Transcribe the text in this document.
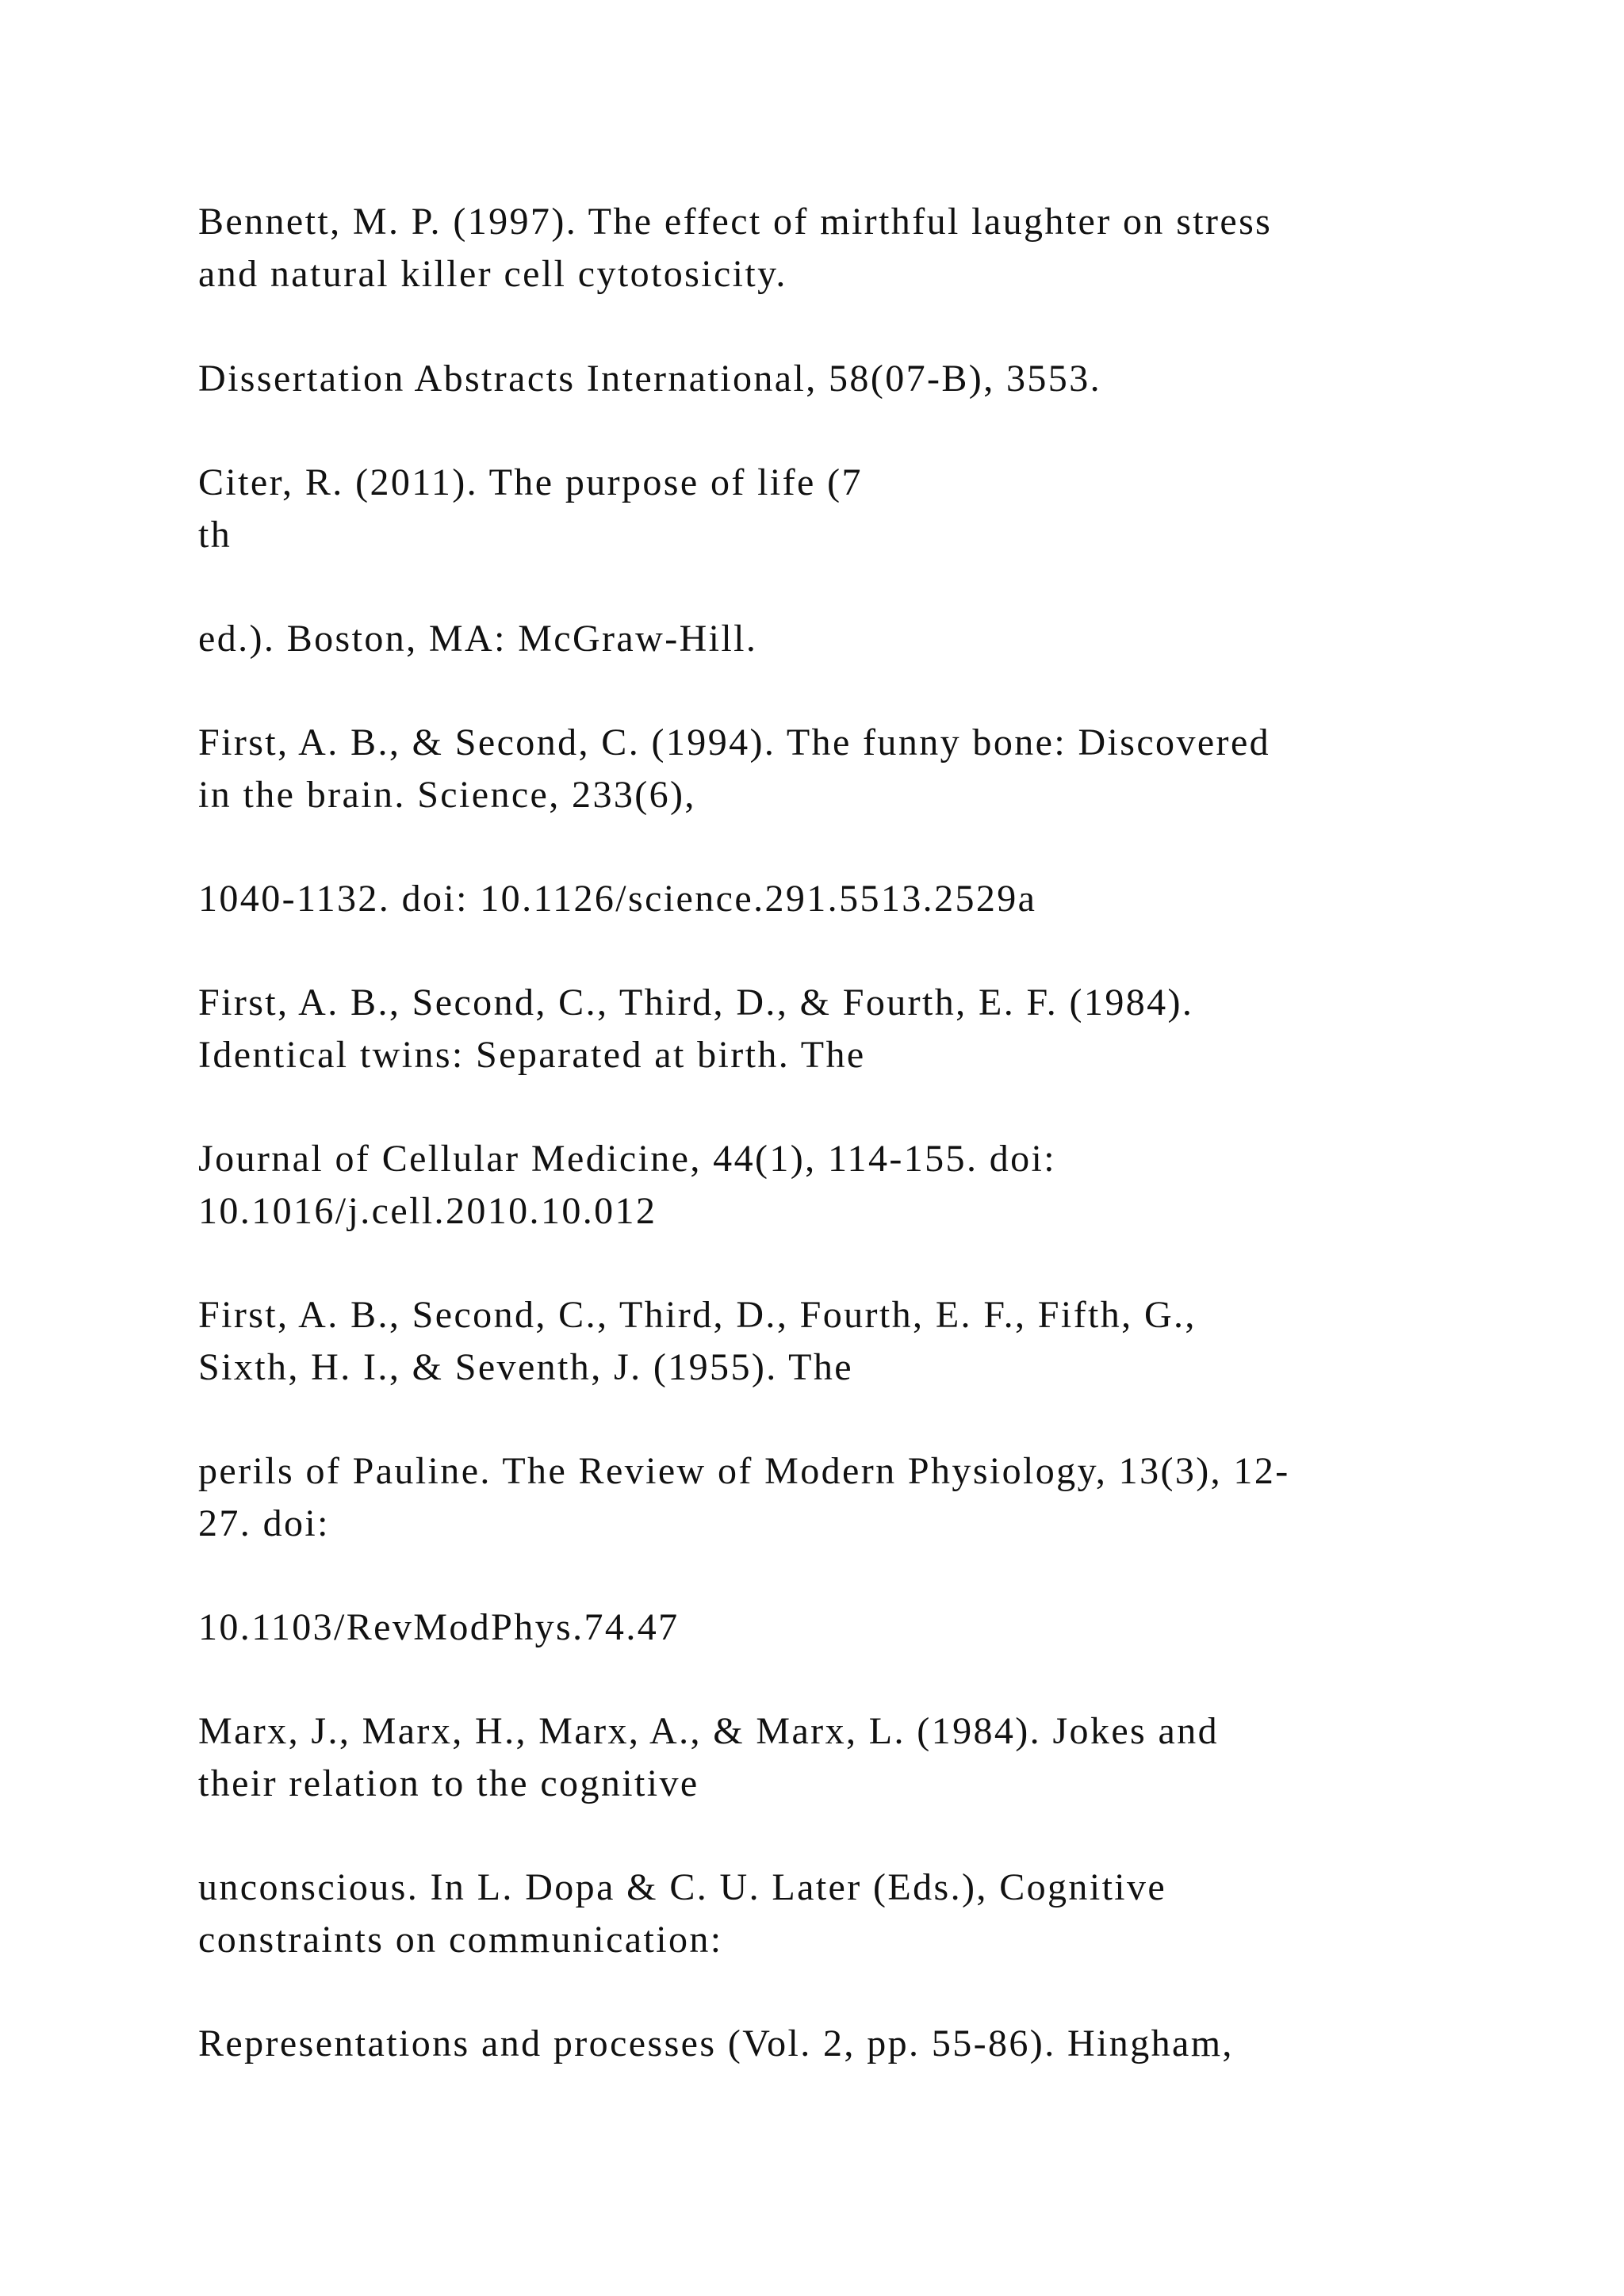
Bennett, M. P. (1997). The effect of mirthful laughter on stress

and natural killer cell cytotosicity.

Dissertation Abstracts International, 58(07-B), 3553.

Citer, R. (2011). The purpose of life (7

th

ed.). Boston, MA: McGraw-Hill.

First, A. B., & Second, C. (1994). The funny bone: Discovered

in the brain. Science, 233(6),

1040-1132. doi: 10.1126/science.291.5513.2529a

First, A. B., Second, C., Third, D., & Fourth, E. F. (1984).

Identical twins: Separated at birth. The

Journal of Cellular Medicine, 44(1), 114-155. doi:

10.1016/j.cell.2010.10.012

First, A. B., Second, C., Third, D., Fourth, E. F., Fifth, G.,

Sixth, H. I., & Seventh, J. (1955). The

perils of Pauline. The Review of Modern Physiology, 13(3), 12-

27. doi:

10.1103/RevModPhys.74.47

Marx, J., Marx, H., Marx, A., & Marx, L. (1984). Jokes and

their relation to the cognitive

unconscious. In L. Dopa & C. U. Later (Eds.), Cognitive

constraints on communication:

Representations and processes (Vol. 2, pp. 55-86). Hingham,
